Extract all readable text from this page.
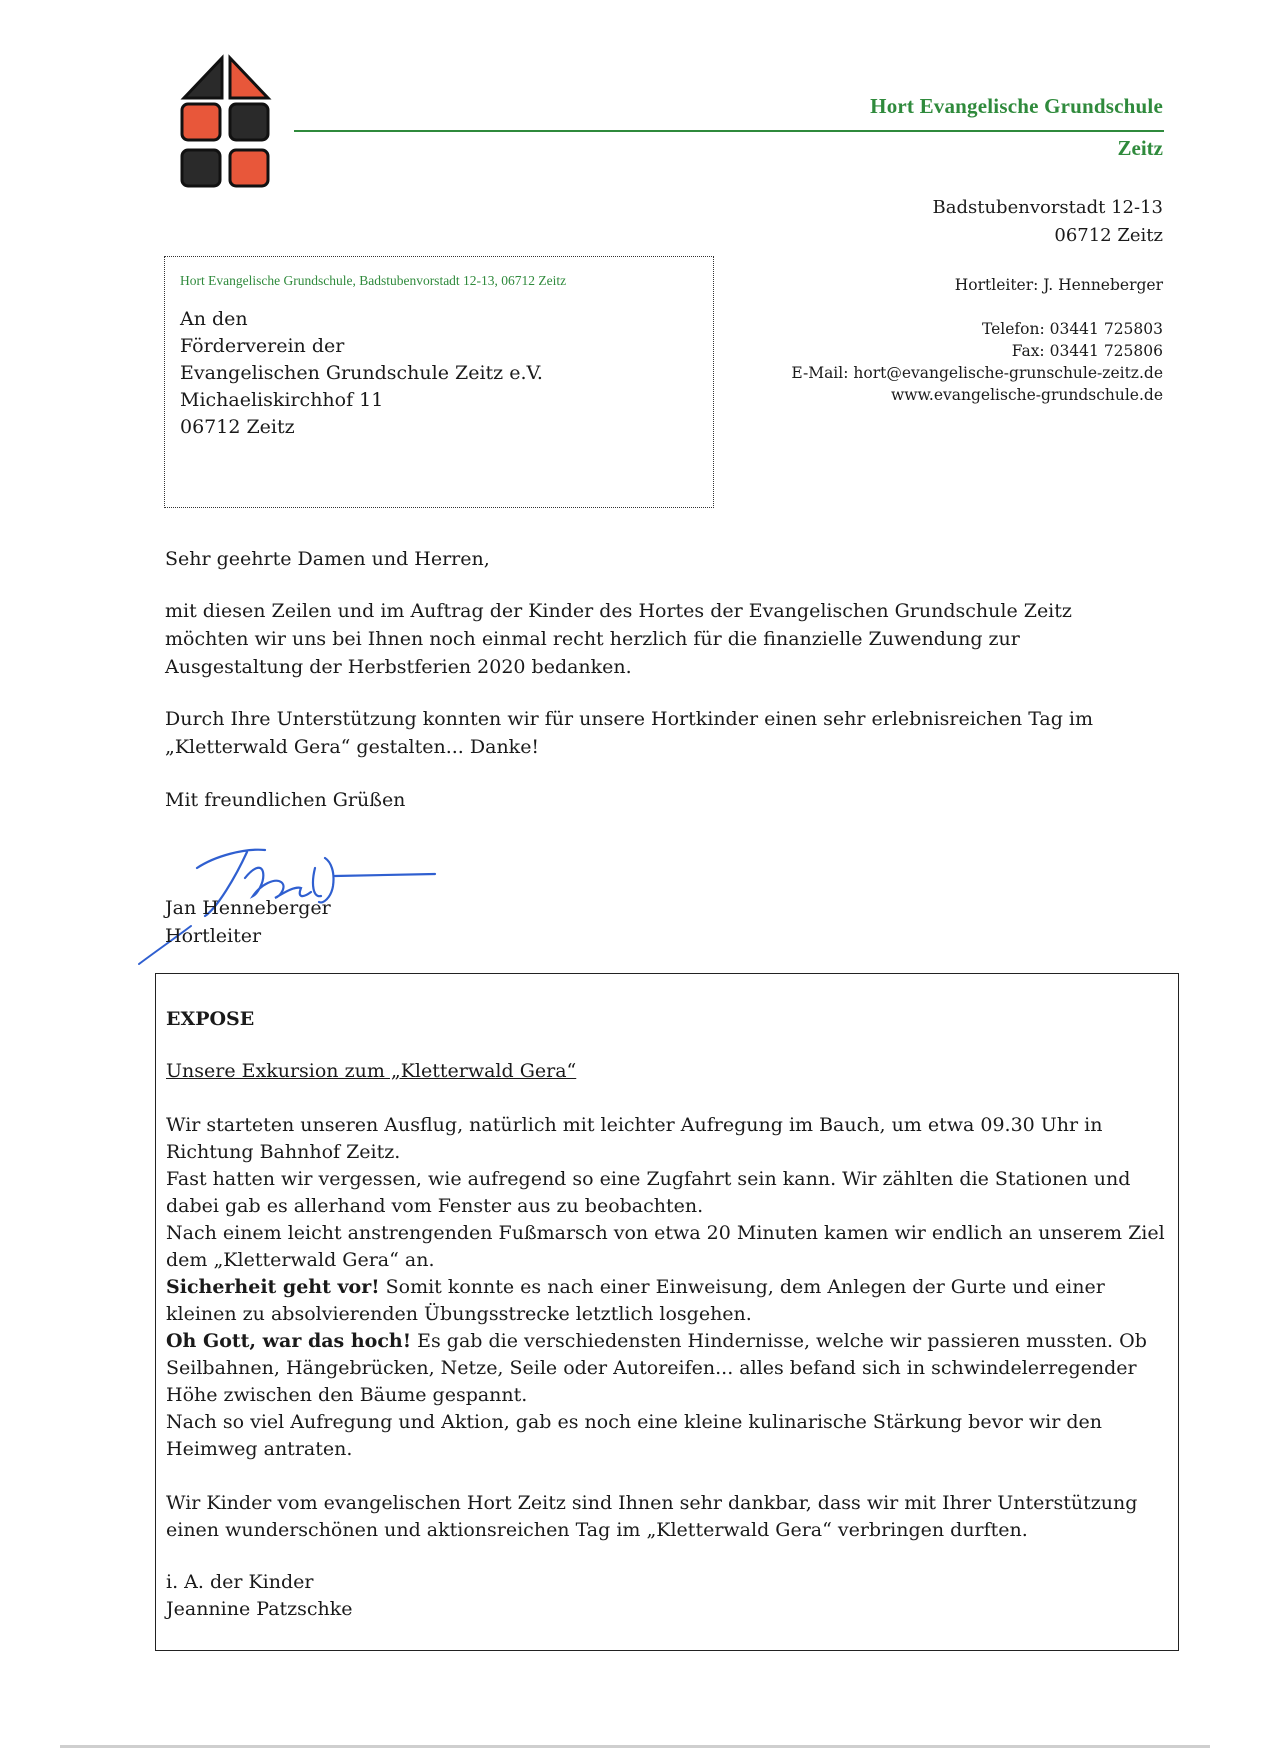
Hort Evangelische Grundschule
Zeitz
Badstubenvorstadt 12-13
06712 Zeitz
Hortleiter: J. Henneberger
Telefon: 03441 725803
Fax: 03441 725806
E-Mail: hort@evangelische-grunschule-zeitz.de
www.evangelische-grundschule.de
Hort Evangelische Grundschule, Badstubenvorstadt 12-13, 06712 Zeitz
An den
Förderverein der
Evangelischen Grundschule Zeitz e.V.
Michaeliskirchhof 11
06712 Zeitz
Sehr geehrte Damen und Herren,
mit diesen Zeilen und im Auftrag der Kinder des Hortes der Evangelischen Grundschule Zeitz möchten wir uns bei Ihnen noch einmal recht herzlich für die finanzielle Zuwendung zur Ausgestaltung der Herbstferien 2020 bedanken.
Durch Ihre Unterstützung konnten wir für unsere Hortkinder einen sehr erlebnisreichen Tag im „Kletterwald Gera“ gestalten... Danke!
Mit freundlichen Grüßen
Jan Henneberger
Hortleiter
EXPOSE
Unsere Exkursion zum „Kletterwald Gera“

Wir starteten unseren Ausflug, natürlich mit leichter Aufregung im Bauch, um etwa 09.30 Uhr in Richtung Bahnhof Zeitz.

Fast hatten wir vergessen, wie aufregend so eine Zugfahrt sein kann. Wir zählten die Stationen und dabei gab es allerhand vom Fenster aus zu beobachten.

Nach einem leicht anstrengenden Fußmarsch von etwa 20 Minuten kamen wir endlich an unserem Ziel dem „Kletterwald Gera“ an.

Sicherheit geht vor! Somit konnte es nach einer Einweisung, dem Anlegen der Gurte und einer kleinen zu absolvierenden Übungsstrecke letztlich losgehen.

Oh Gott, war das hoch! Es gab die verschiedensten Hindernisse, welche wir passieren mussten. Ob Seilbahnen, Hängebrücken, Netze, Seile oder Autoreifen... alles befand sich in schwindelerregender Höhe zwischen den Bäume gespannt.

Nach so viel Aufregung und Aktion, gab es noch eine kleine kulinarische Stärkung bevor wir den Heimweg antraten.

Wir Kinder vom evangelischen Hort Zeitz sind Ihnen sehr dankbar, dass wir mit Ihrer Unterstützung einen wunderschönen und aktionsreichen Tag im „Kletterwald Gera“ verbringen durften.
i. A. der Kinder
Jeannine Patzschke
